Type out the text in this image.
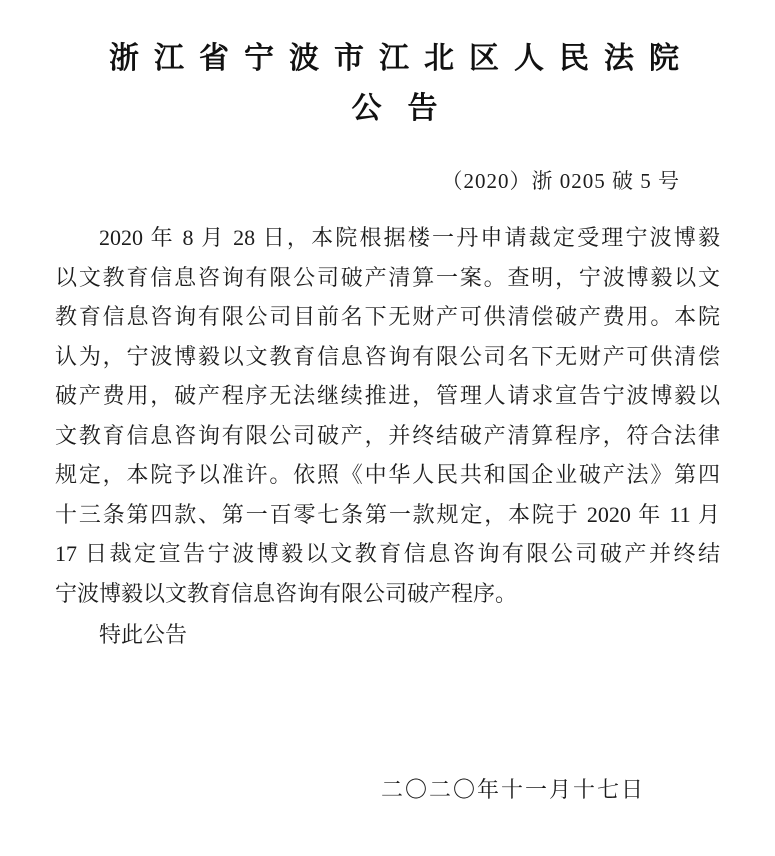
浙江省宁波市江北区人民法院
公告
（2020）浙 0205 破 5 号
2020 年 8 月 28 日，本院根据楼一丹申请裁定受理宁波博毅
以文教育信息咨询有限公司破产清算一案。查明，宁波博毅以文
教育信息咨询有限公司目前名下无财产可供清偿破产费用。本院
认为，宁波博毅以文教育信息咨询有限公司名下无财产可供清偿
破产费用，破产程序无法继续推进，管理人请求宣告宁波博毅以
文教育信息咨询有限公司破产，并终结破产清算程序，符合法律
规定，本院予以准许。依照《中华人民共和国企业破产法》第四
十三条第四款、第一百零七条第一款规定，本院于 2020 年 11 月
17 日裁定宣告宁波博毅以文教育信息咨询有限公司破产并终结
宁波博毅以文教育信息咨询有限公司破产程序。
特此公告
二〇二〇年十一月十七日
